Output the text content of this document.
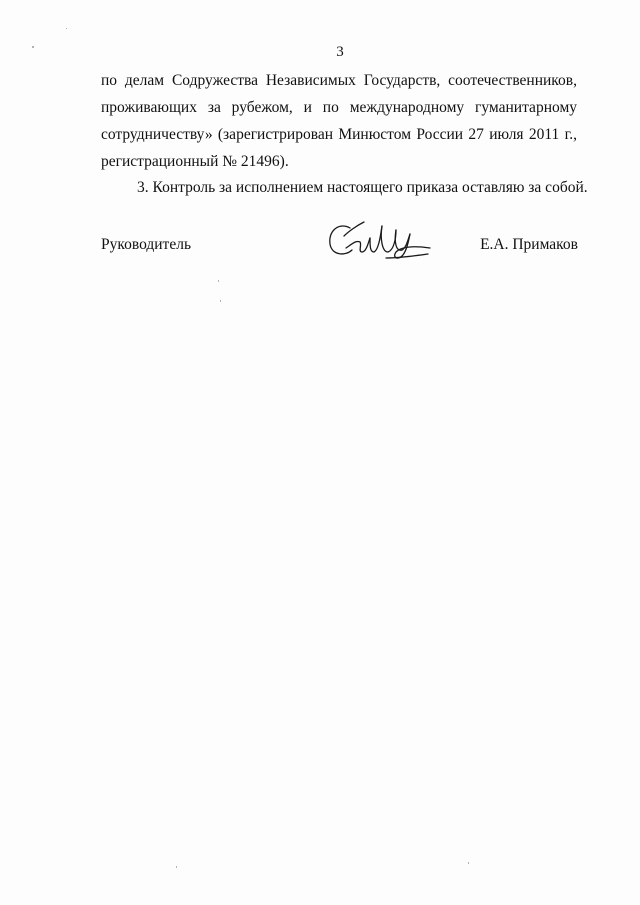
3
по делам Содружества Независимых Государств, соотечественников,
проживающих за рубежом, и по международному гуманитарному
сотрудничеству» (зарегистрирован Минюстом России 27 июля 2011 г.,
регистрационный № 21496).
3. Контроль за исполнением настоящего приказа оставляю за собой.
Руководитель	Е.А. Примаков
